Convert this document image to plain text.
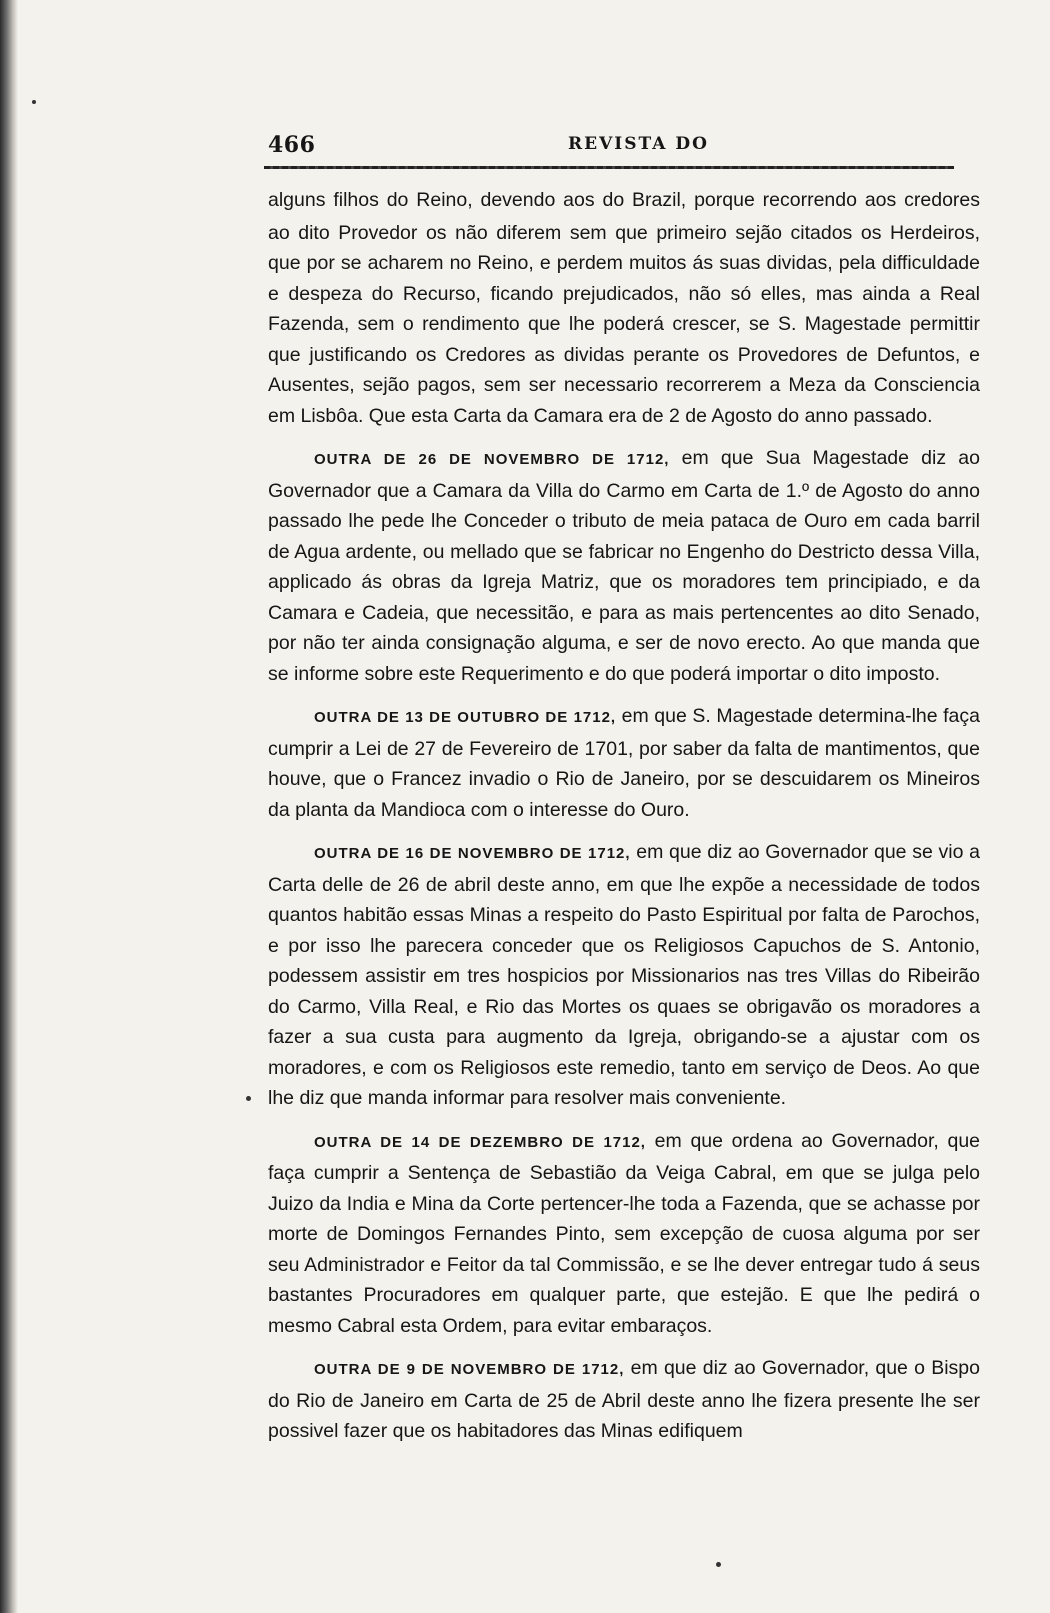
466	REVISTA DO

alguns filhos do Reino, devendo aos do Brazil, porque recorrendo aos credores ao dito Provedor os não diferem sem que primeiro sejão citados os Herdeiros, que por se acharem no Reino, e perdem muitos ás suas dividas, pela difficuldade e despeza do Recurso, ficando prejudicados, não só elles, mas ainda a Real Fazenda, sem o rendimento que lhe poderá crescer, se S. Magestade permittir que justificando os Credores as dividas perante os Provedores de Defuntos, e Ausentes, sejão pagos, sem ser necessario recorrerem a Meza da Consciencia em Lisbôa. Que esta Carta da Camara era de 2 de Agosto do anno passado.

OUTRA DE 26 DE NOVEMBRO DE 1712, em que Sua Magestade diz ao Governador que a Camara da Villa do Carmo em Carta de 1.º de Agosto do anno passado lhe pede lhe Conceder o tributo de meia pataca de Ouro em cada barril de Agua ardente, ou mellado que se fabricar no Engenho do Destricto dessa Villa, applicado ás obras da Igreja Matriz, que os moradores tem principiado, e da Camara e Cadeia, que necessitão, e para as mais pertencentes ao dito Senado, por não ter ainda consignação alguma, e ser de novo erecto. Ao que manda que se informe sobre este Requerimento e do que poderá importar o dito imposto.

OUTRA DE 13 DE OUTUBRO DE 1712, em que S. Magestade determina-lhe faça cumprir a Lei de 27 de Fevereiro de 1701, por saber da falta de mantimentos, que houve, que o Francez invadio o Rio de Janeiro, por se descuidarem os Mineiros da planta da Mandioca com o interesse do Ouro.

OUTRA DE 16 DE NOVEMBRO DE 1712, em que diz ao Governador que se vio a Carta delle de 26 de abril deste anno, em que lhe expõe a necessidade de todos quantos habitão essas Minas a respeito do Pasto Espiritual por falta de Parochos, e por isso lhe parecera conceder que os Religiosos Capuchos de S. Antonio, podessem assistir em tres hospicios por Missionarios nas tres Villas do Ribeirão do Carmo, Villa Real, e Rio das Mortes os quaes se obrigavão os moradores a fazer a sua custa para augmento da Igreja, obrigando-se a ajustar com os moradores, e com os Religiosos este remedio, tanto em serviço de Deos. Ao que lhe diz que manda informar para resolver mais conveniente.

OUTRA DE 14 DE DEZEMBRO DE 1712, em que ordena ao Governador, que faça cumprir a Sentença de Sebastião da Veiga Cabral, em que se julga pelo Juizo da India e Mina da Corte pertencer-lhe toda a Fazenda, que se achasse por morte de Domingos Fernandes Pinto, sem excepção de cuosa alguma por ser seu Administrador e Feitor da tal Commissão, e se lhe dever entregar tudo á seus bastantes Procuradores em qualquer parte, que estejão. E que lhe pedirá o mesmo Cabral esta Ordem, para evitar embaraços.

OUTRA DE 9 DE NOVEMBRO DE 1712, em que diz ao Governador, que o Bispo do Rio de Janeiro em Carta de 25 de Abril deste anno lhe fizera presente lhe ser possivel fazer que os habitadores das Minas edifiquem
